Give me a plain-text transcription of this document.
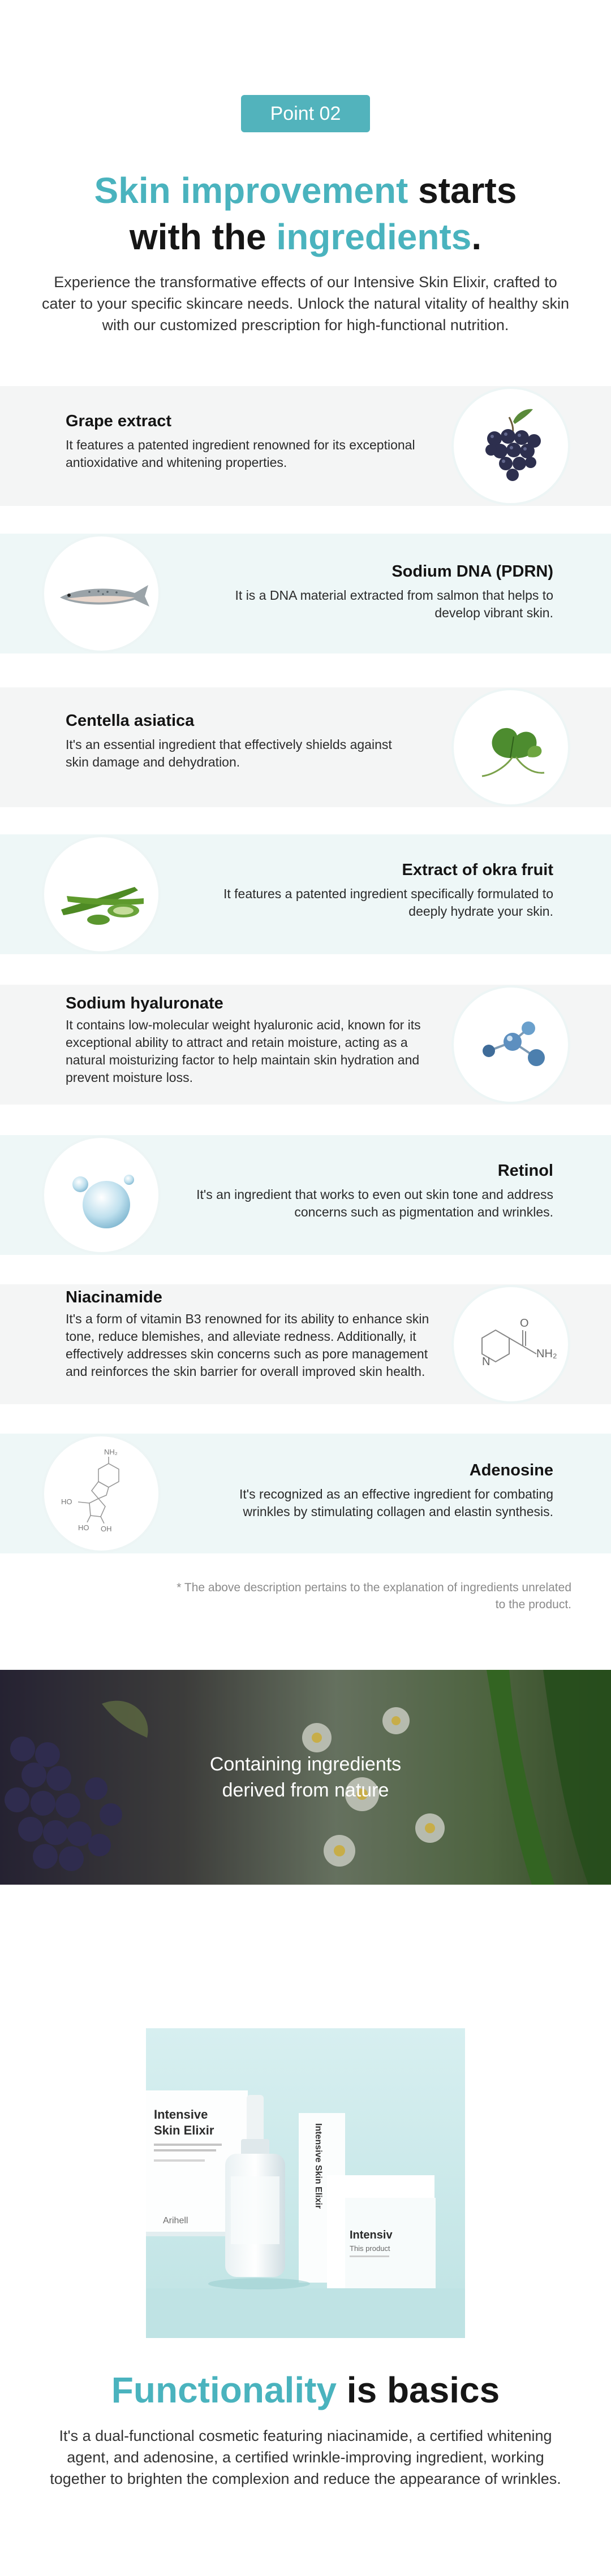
Point 02
Skin improvement starts
with the ingredients.

Experience the transformative effects of our Intensive Skin Elixir, crafted to cater to your specific skincare needs. Unlock the natural vitality of healthy skin with our customized prescription for high-functional nutrition.

Grape extract
It features a patented ingredient renowned for its exceptional antioxidative and whitening properties.
Sodium DNA (PDRN)
It is a DNA material extracted from salmon that helps to develop vibrant skin.
Centella asiatica
It's an essential ingredient that effectively shields against skin damage and dehydration.
Extract of okra fruit
It features a patented ingredient specifically formulated to deeply hydrate your skin.
Sodium hyaluronate
It contains low-molecular weight hyaluronic acid, known for its exceptional ability to attract and retain moisture, acting as a natural moisturizing factor to help maintain skin hydration and prevent moisture loss.
Retinol
It's an ingredient that works to even out skin tone and address concerns such as pigmentation and wrinkles.
Niacinamide
It's a form of vitamin B3 renowned for its ability to enhance skin tone, reduce blemishes, and alleviate redness. Additionally, it effectively addresses skin concerns such as pore management and reinforces the skin barrier for overall improved skin health.
N
O
NH₂
NH₂
HO
HO OH
Adenosine
It's recognized as an effective ingredient for combating wrinkles by stimulating collagen and elastin synthesis.
* The above description pertains to the explanation of ingredients unrelated to the product.
Containing ingredients
derived from nature
Intensive
Skin Elixir
Arihell
Intensive Skin Elixir
Intensiv
This product
Functionality is basics

It's a dual-functional cosmetic featuring niacinamide, a certified whitening agent, and adenosine, a certified wrinkle-improving ingredient, working together to brighten the complexion and reduce the appearance of wrinkles.
